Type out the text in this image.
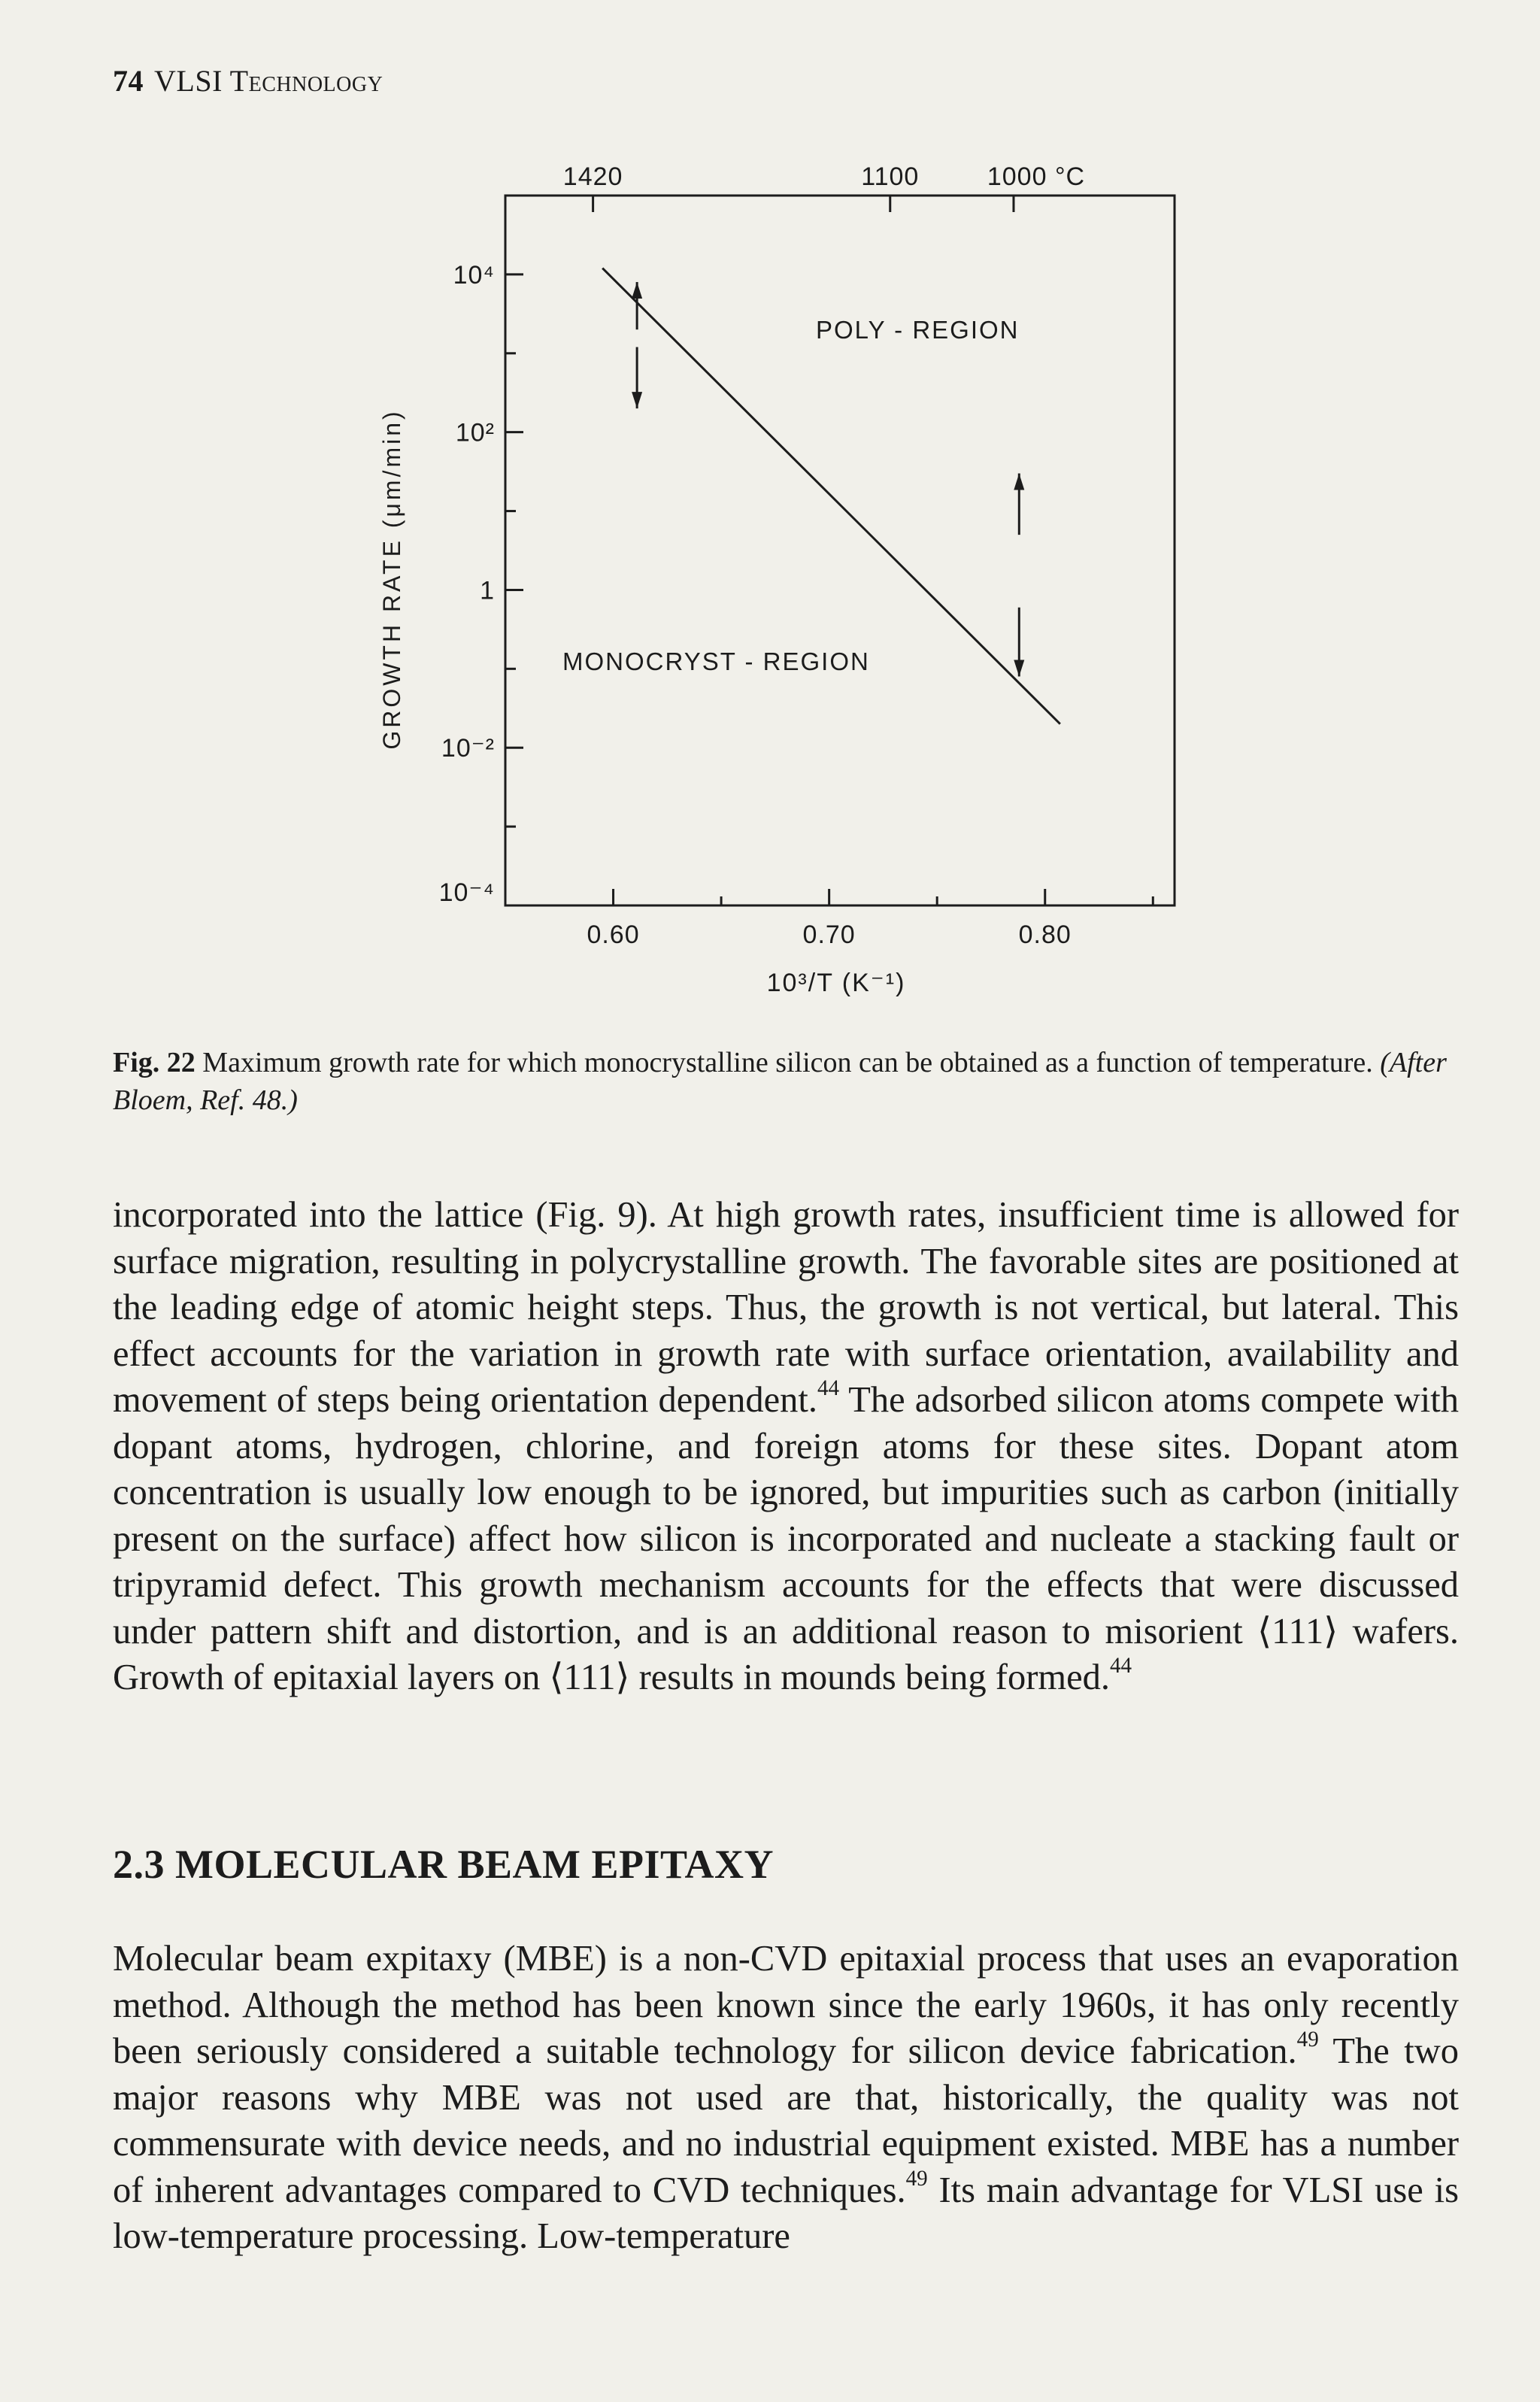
74 VLSI Technology
0.60	0.70	0.80
10⁴
10²
1
10⁻²
10⁻⁴
1420	1100	1000 °C
POLY - REGION
MONOCRYST - REGION
GROWTH RATE (μm/min)
10³/T (K⁻¹)
Fig. 22 Maximum growth rate for which monocrystalline silicon can be obtained as a function of temperature. (After Bloem, Ref. 48.)

incorporated into the lattice (Fig. 9). At high growth rates, insufficient time is allowed for surface migration, resulting in polycrystalline growth. The favorable sites are positioned at the leading edge of atomic height steps. Thus, the growth is not vertical, but lateral. This effect accounts for the variation in growth rate with surface orientation, availability and movement of steps being orientation dependent.$^{44}$ The adsorbed silicon atoms compete with dopant atoms, hydrogen, chlorine, and foreign atoms for these sites. Dopant atom concentration is usually low enough to be ignored, but impurities such as carbon (initially present on the surface) affect how silicon is incorporated and nucleate a stacking fault or tripyramid defect. This growth mechanism accounts for the effects that were discussed under pattern shift and distortion, and is an additional reason to misorient ⟨111⟩ wafers. Growth of epitaxial layers on ⟨111⟩ results in mounds being formed.$^{44}$

2.3 MOLECULAR BEAM EPITAXY

Molecular beam expitaxy (MBE) is a non-CVD epitaxial process that uses an evaporation method. Although the method has been known since the early 1960s, it has only recently been seriously considered a suitable technology for silicon device fabrication.$^{49}$ The two major reasons why MBE was not used are that, historically, the quality was not commensurate with device needs, and no industrial equipment existed. MBE has a number of inherent advantages compared to CVD techniques.$^{49}$ Its main advantage for VLSI use is low-temperature processing. Low-temperature
